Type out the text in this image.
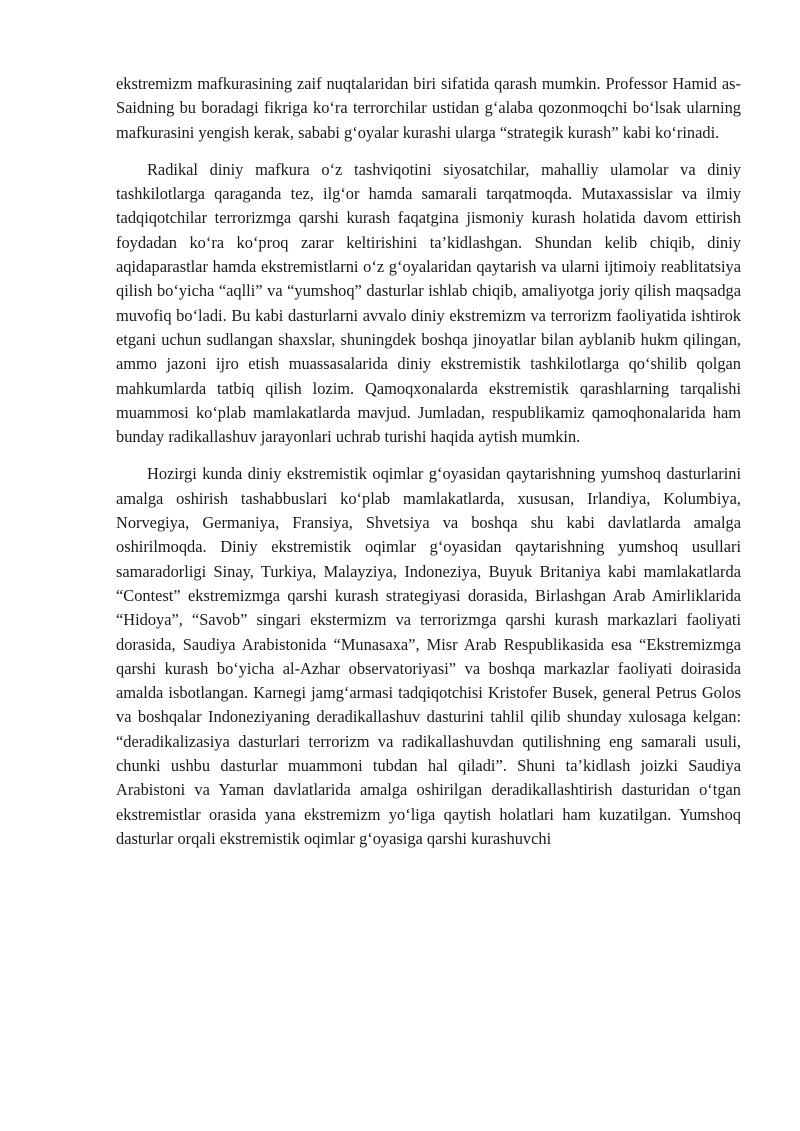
ekstremizm mafkurasining zaif nuqtalaridan biri sifatida qarash mumkin. Professor Hamid as-Saidning bu boradagi fikriga ko‘ra terrorchilar ustidan g‘alaba qozonmoqchi bo‘lsak ularning mafkurasini yengish kerak, sababi g‘oyalar kurashi ularga “strategik kurash” kabi ko‘rinadi.

Radikal diniy mafkura o‘z tashviqotini siyosatchilar, mahalliy ulamolar va diniy tashkilotlarga qaraganda tez, ilg‘or hamda samarali tarqatmoqda. Mutaxassislar va ilmiy tadqiqotchilar terrorizmga qarshi kurash faqatgina jismoniy kurash holatida davom ettirish foydadan ko‘ra ko‘proq zarar keltirishini ta’kidlashgan. Shundan kelib chiqib, diniy aqidaparastlar hamda ekstremistlarni o‘z g‘oyalaridan qaytarish va ularni ijtimoiy reablitatsiya qilish bo‘yicha “aqlli” va “yumshoq” dasturlar ishlab chiqib, amaliyotga joriy qilish maqsadga muvofiq bo‘ladi. Bu kabi dasturlarni avvalo diniy ekstremizm va terrorizm faoliyatida ishtirok etgani uchun sudlangan shaxslar, shuningdek boshqa jinoyatlar bilan ayblanib hukm qilingan, ammo jazoni ijro etish muassasalarida diniy ekstremistik tashkilotlarga qo‘shilib qolgan mahkumlarda tatbiq qilish lozim. Qamoqxonalarda ekstremistik qarashlarning tarqalishi muammosi ko‘plab mamlakatlarda mavjud. Jumladan, respublikamiz qamoqhonalarida ham bunday radikallashuv jarayonlari uchrab turishi haqida aytish mumkin.

Hozirgi kunda diniy ekstremistik oqimlar g‘oyasidan qaytarishning yumshoq dasturlarini amalga oshirish tashabbuslari ko‘plab mamlakatlarda, xususan, Irlandiya, Kolumbiya, Norvegiya, Germaniya, Fransiya, Shvetsiya va boshqa shu kabi davlatlarda amalga oshirilmoqda. Diniy ekstremistik oqimlar g‘oyasidan qaytarishning yumshoq usullari samaradorligi Sinay, Turkiya, Malayziya, Indoneziya, Buyuk Britaniya kabi mamlakatlarda “Contest” ekstremizmga qarshi kurash strategiyasi dorasida, Birlashgan Arab Amirliklarida “Hidoya”, “Savob” singari ekstermizm va terrorizmga qarshi kurash markazlari faoliyati dorasida, Saudiya Arabistonida “Munasaxa”, Misr Arab Respublikasida esa “Ekstremizmga qarshi kurash bo‘yicha al-Azhar observatoriyasi” va boshqa markazlar faoliyati doirasida amalda isbotlangan. Karnegi jamg‘armasi tadqiqotchisi Kristofer Busek, general Petrus Golos va boshqalar Indoneziyaning deradikallashuv dasturini tahlil qilib shunday xulosaga kelgan: “deradikalizasiya dasturlari terrorizm va radikallashuvdan qutilishning eng samarali usuli, chunki ushbu dasturlar muammoni tubdan hal qiladi”. Shuni ta’kidlash joizki Saudiya Arabistoni va Yaman davlatlarida amalga oshirilgan deradikallashtirish dasturidan o‘tgan ekstremistlar orasida yana ekstremizm yo‘liga qaytish holatlari ham kuzatilgan. Yumshoq dasturlar orqali ekstremistik oqimlar g‘oyasiga qarshi kurashuvchi
